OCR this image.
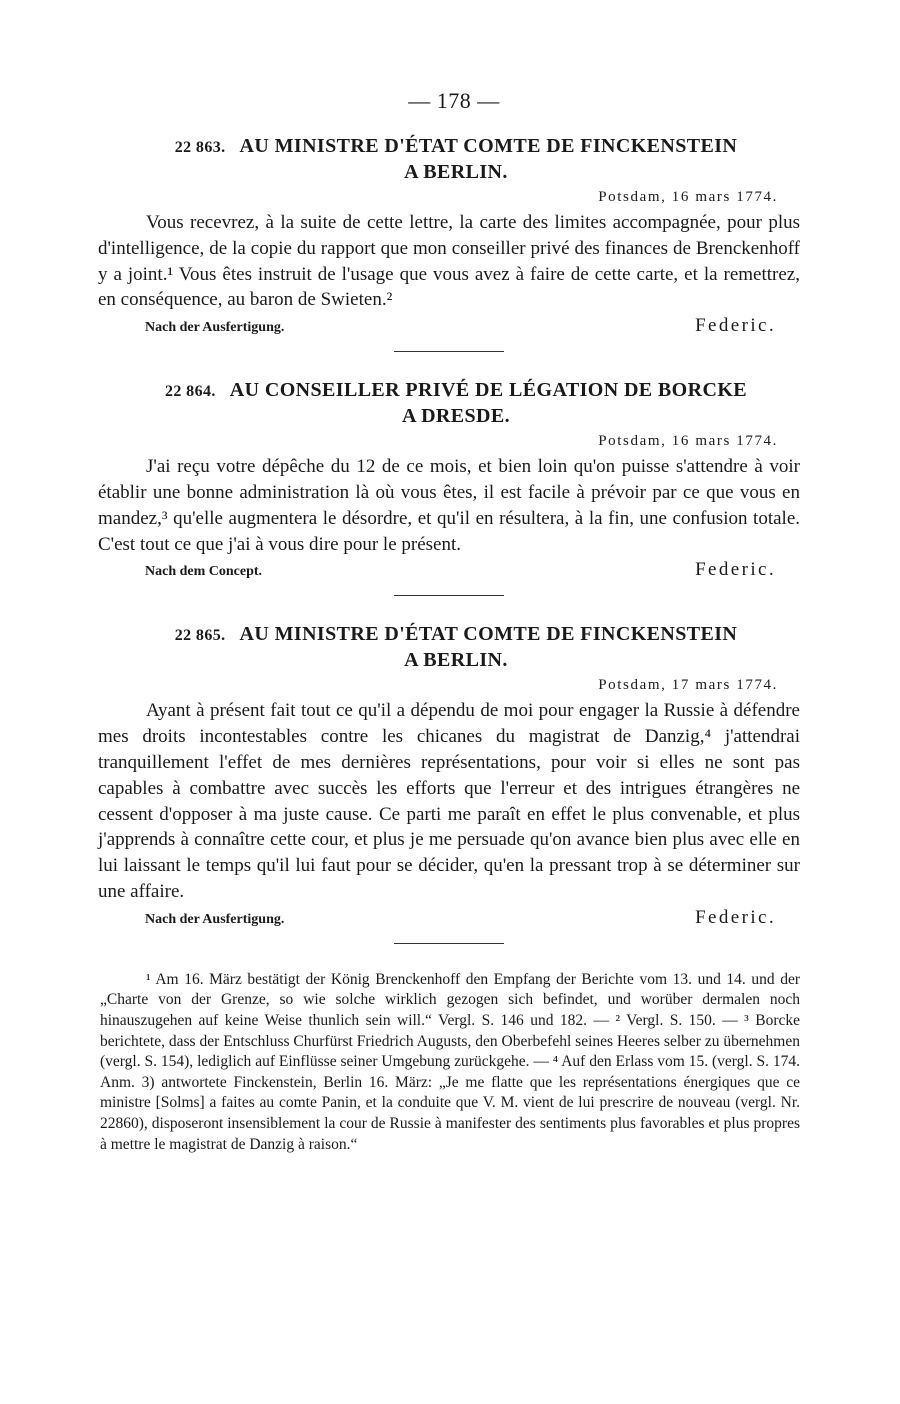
— 178 —
22 863. AU MINISTRE D'ÉTAT COMTE DE FINCKENSTEIN
A BERLIN.
Potsdam, 16 mars 1774.

Vous recevrez, à la suite de cette lettre, la carte des limites accompagnée, pour plus d'intelligence, de la copie du rapport que mon conseiller privé des finances de Brenckenhoff y a joint.¹ Vous êtes instruit de l'usage que vous avez à faire de cette carte, et la remettrez, en conséquence, au baron de Swieten.²

Nach der Ausfertigung.	Federic.
22 864. AU CONSEILLER PRIVÉ DE LÉGATION DE BORCKE
A DRESDE.
Potsdam, 16 mars 1774.

J'ai reçu votre dépêche du 12 de ce mois, et bien loin qu'on puisse s'attendre à voir établir une bonne administration là où vous êtes, il est facile à prévoir par ce que vous en mandez,³ qu'elle augmentera le désordre, et qu'il en résultera, à la fin, une confusion totale. C'est tout ce que j'ai à vous dire pour le présent.

Nach dem Concept.	Federic.
22 865. AU MINISTRE D'ÉTAT COMTE DE FINCKENSTEIN
A BERLIN.
Potsdam, 17 mars 1774.

Ayant à présent fait tout ce qu'il a dépendu de moi pour engager la Russie à défendre mes droits incontestables contre les chicanes du magistrat de Danzig,⁴ j'attendrai tranquillement l'effet de mes dernières représentations, pour voir si elles ne sont pas capables à combattre avec succès les efforts que l'erreur et des intrigues étrangères ne cessent d'opposer à ma juste cause. Ce parti me paraît en effet le plus convenable, et plus j'apprends à connaître cette cour, et plus je me persuade qu'on avance bien plus avec elle en lui laissant le temps qu'il lui faut pour se décider, qu'en la pressant trop à se déterminer sur une affaire.

Nach der Ausfertigung.	Federic.

¹ Am 16. März bestätigt der König Brenckenhoff den Empfang der Berichte vom 13. und 14. und der „Charte von der Grenze, so wie solche wirklich gezogen sich befindet, und worüber dermalen noch hinauszugehen auf keine Weise thunlich sein will.“ Vergl. S. 146 und 182. — ² Vergl. S. 150. — ³ Borcke berichtete, dass der Entschluss Churfürst Friedrich Augusts, den Oberbefehl seines Heeres selber zu übernehmen (vergl. S. 154), lediglich auf Einflüsse seiner Umgebung zurückgehe. — ⁴ Auf den Erlass vom 15. (vergl. S. 174. Anm. 3) antwortete Finckenstein, Berlin 16. März: „Je me flatte que les représentations énergiques que ce ministre [Solms] a faites au comte Panin, et la conduite que V. M. vient de lui prescrire de nouveau (vergl. Nr. 22860), disposeront insensiblement la cour de Russie à manifester des sentiments plus favorables et plus propres à mettre le magistrat de Danzig à raison.“
